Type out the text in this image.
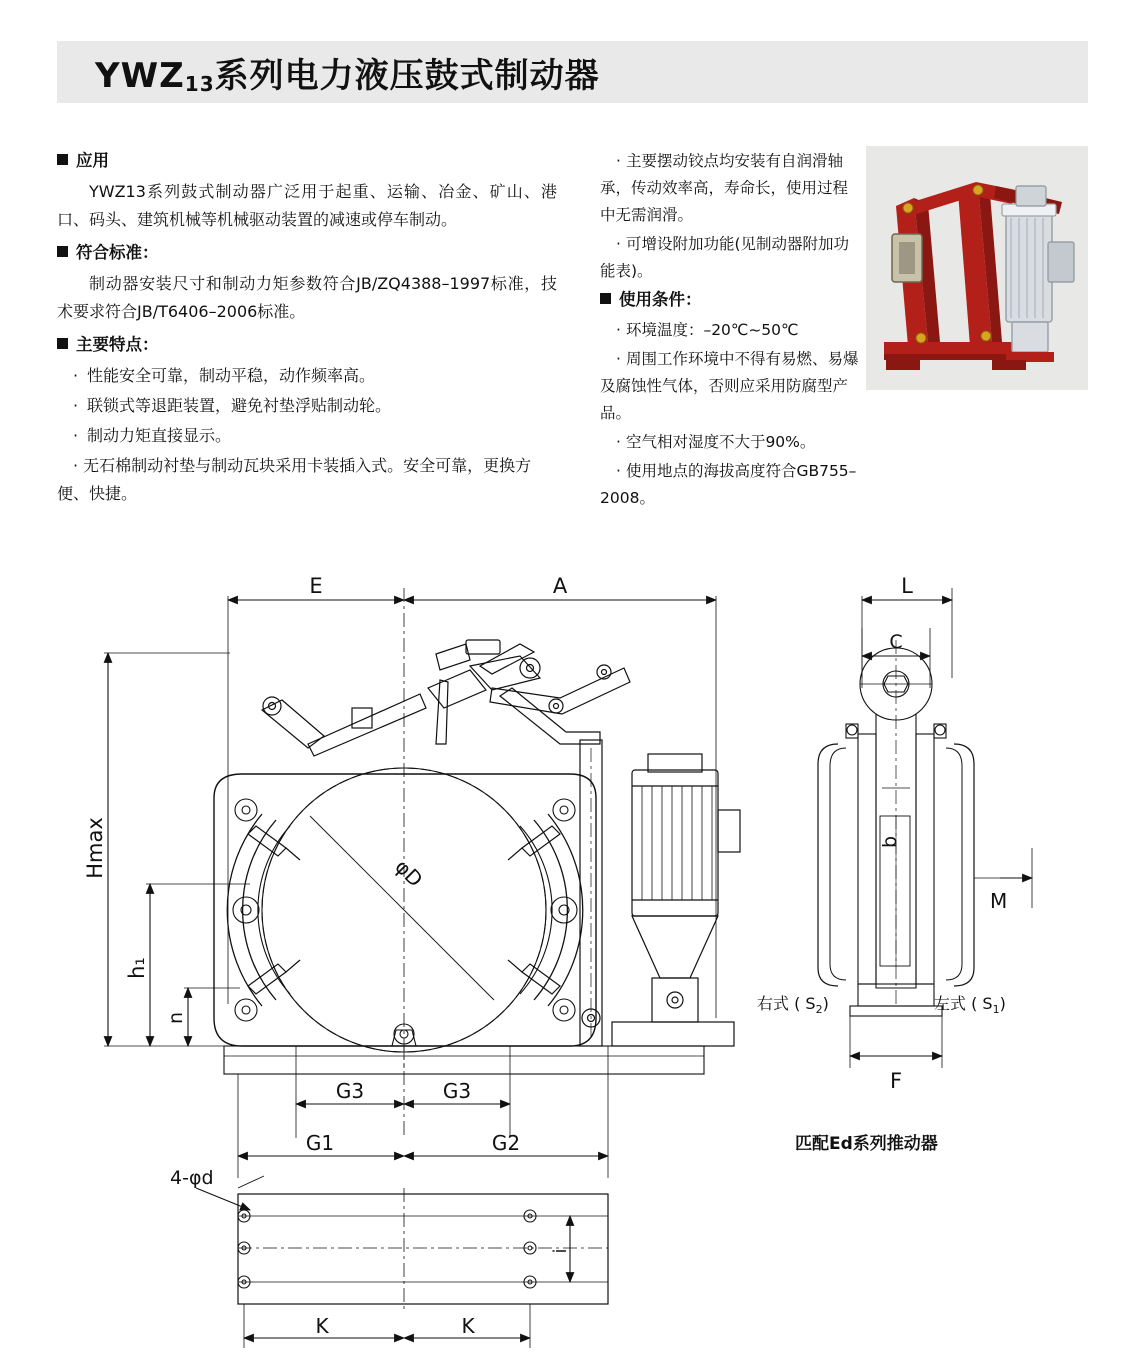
$YWZ_{13}$系列电力液压鼓式制动器
应用

YWZ13系列鼓式制动器广泛用于起重、运输、冶金、矿山、港口、码头、建筑机械等机械驱动装置的减速或停车制动。

符合标准：

制动器安装尺寸和制动力矩参数符合JB/ZQ4388–1997标准，技术要求符合JB/T6406–2006标准。

主要特点：

· 性能安全可靠，制动平稳，动作频率高。

· 联锁式等退距装置，避免衬垫浮贴制动轮。

· 制动力矩直接显示。

· 无石棉制动衬垫与制动瓦块采用卡装插入式。安全可靠，更换方便、快捷。

· 主要摆动铰点均安装有自润滑轴承，传动效率高，寿命长，使用过程中无需润滑。

· 可增设附加功能(见制动器附加功能表)。

使用条件：

· 环境温度：–20℃~50℃

· 周围工作环境中不得有易燃、易爆及腐蚀性气体，否则应采用防腐型产品。

· 空气相对湿度不大于90%。

· 使用地点的海拔高度符合GB755–2008。

E	A	L
C
G3	G3
G1	G2
K	K
4-φd
Hmax
h₁
n
φD
i
b
M
F
右式 ( $S_2$)	左式 ( $S_1$)
匹配Ed系列推动器
